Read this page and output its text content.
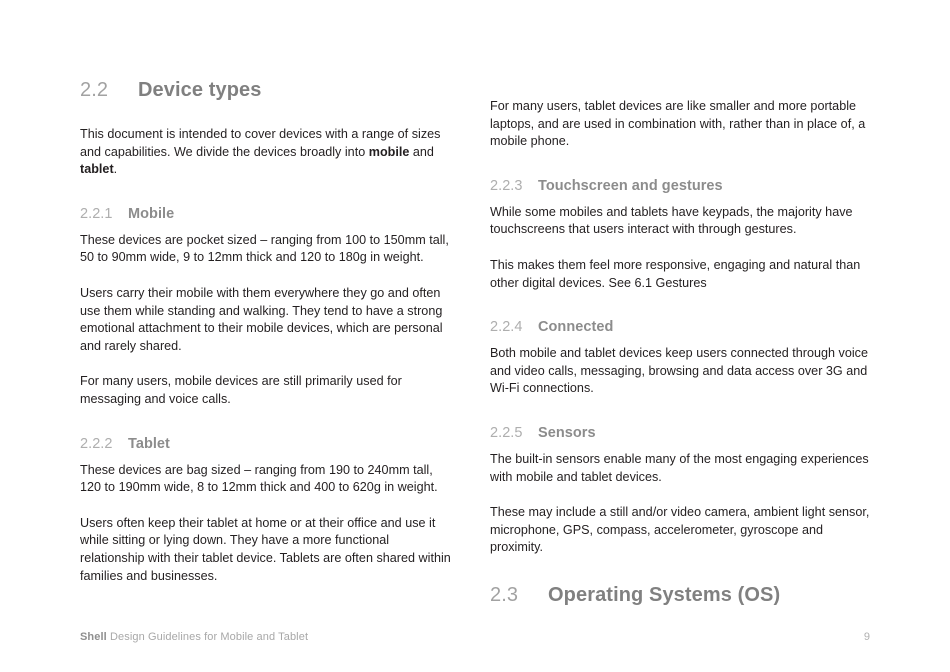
2.2	Device types

This document is intended to cover devices with a range of sizes and capabilities. We divide the devices broadly into mobile and tablet.

2.2.1	Mobile

These devices are pocket sized – ranging from 100 to 150mm tall, 50 to 90mm wide, 9 to 12mm thick and 120 to 180g in weight.

Users carry their mobile with them everywhere they go and often use them while standing and walking. They tend to have a strong emotional attachment to their mobile devices, which are personal and rarely shared.

For many users, mobile devices are still primarily used for messaging and voice calls.

2.2.2	Tablet

These devices are bag sized – ranging from 190 to 240mm tall, 120 to 190mm wide, 8 to 12mm thick and 400 to 620g in weight.

Users often keep their tablet at home or at their office and use it while sitting or lying down. They have a more functional relationship with their tablet device. Tablets are often shared within families and businesses.

For many users, tablet devices are like smaller and more portable laptops, and are used in combination with, rather than in place of, a mobile phone.

2.2.3	Touchscreen and gestures

While some mobiles and tablets have keypads, the majority have touchscreens that users interact with through gestures.

This makes them feel more responsive, engaging and natural than other digital devices. See 6.1 Gestures

2.2.4	Connected

Both mobile and tablet devices keep users connected through voice and video calls, messaging, browsing and data access over 3G and Wi-Fi connections.

2.2.5	Sensors

The built-in sensors enable many of the most engaging experiences with mobile and tablet devices.

These may include a still and/or video camera, ambient light sensor, microphone, GPS, compass, accelerometer, gyroscope and proximity.

2.3	Operating Systems (OS)
Shell Design Guidelines for Mobile and Tablet	9
